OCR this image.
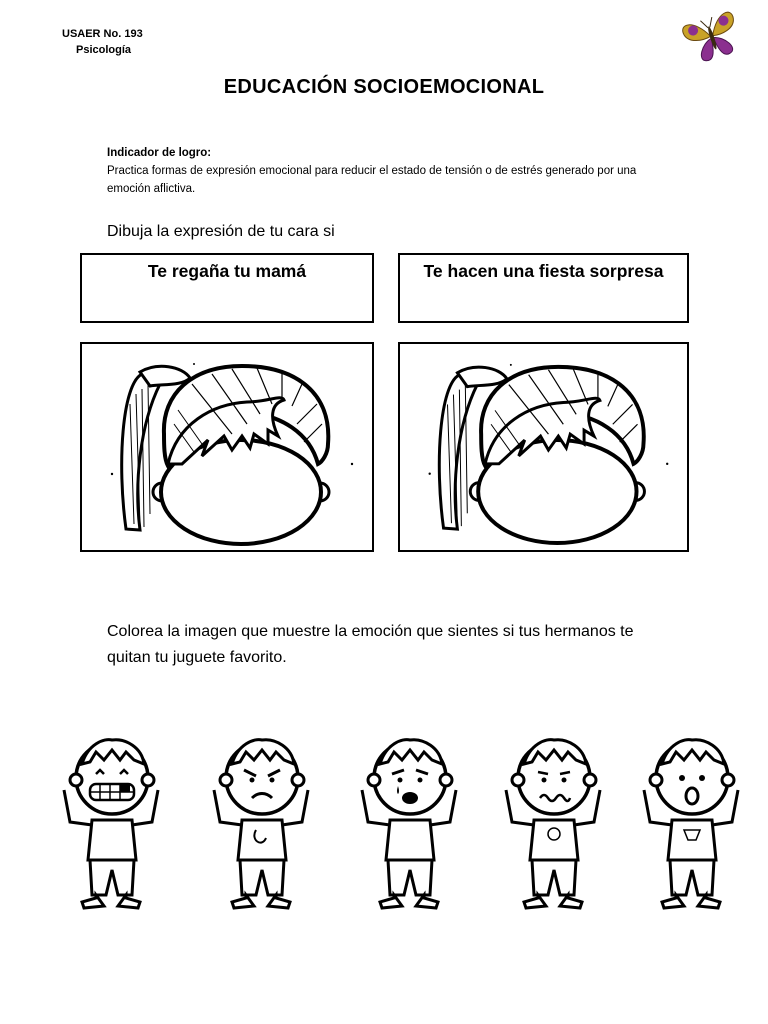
USAER No. 193
Psicología
EDUCACIÓN SOCIOEMOCIONAL
Indicador de logro:
Practica formas de expresión emocional para reducir el estado de tensión o de estrés generado por una emoción aflictiva.
Dibuja la expresión de tu cara si
Te regaña tu mamá	Te hacen una fiesta sorpresa
Colorea la imagen que muestre la emoción que sientes si tus hermanos te quitan tu juguete favorito.
